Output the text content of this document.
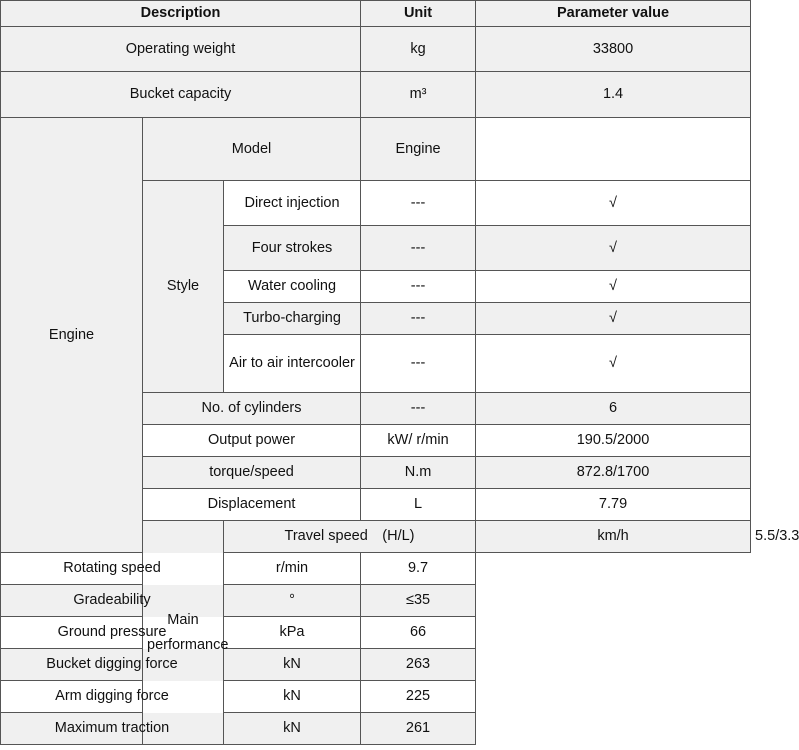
Description			Unit	Parameter value	
Operating weight			kg	33800	
Bucket capacity			m³	1.4	
Engine	Model		Engine		
	Style	Direct injection	---	√	
		Four strokes	---	√	
		Water cooling	---	√	
		Turbo-charging	---	√	
		Air to air intercooler	---	√	
	No. of cylinders		---	6	
	Output power		kW/ r/min	190.5/2000	
	torque/speed		N.m	872.8/1700	
	Displacement		L	7.79	
	Main performance	Travel speed　(H/L)		km/h	5.5/3.3
Rotating speed		r/min	9.7		
Gradeability		°	≤35		
Ground pressure		kPa	66		
Bucket digging force		kN	263		
Arm digging force		kN	225		
Maximum traction		kN	261		
